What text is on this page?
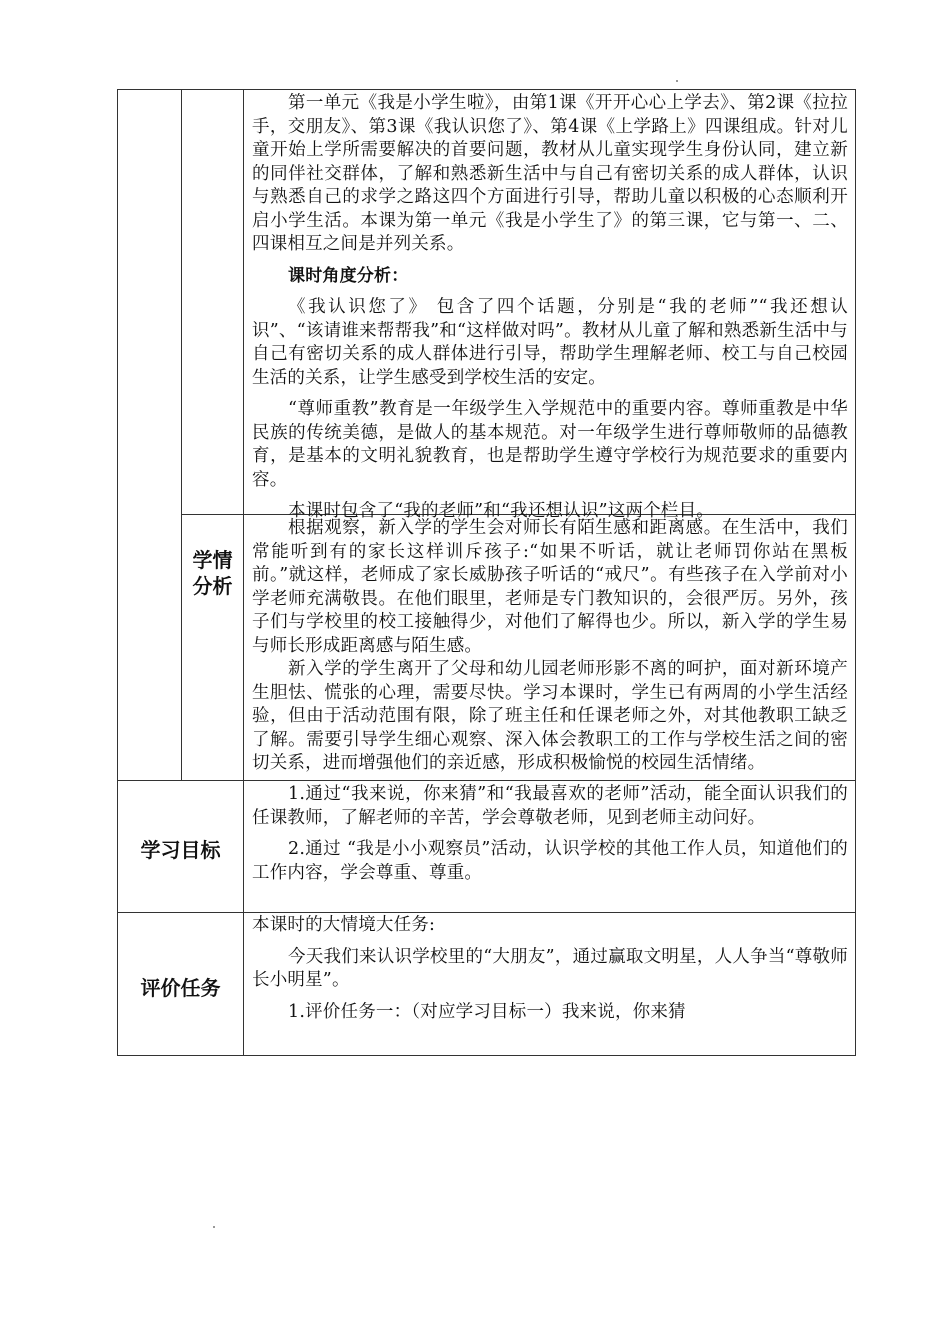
第一单元《我是小学生啦》，由第1课《开开心心上学去》、第2课《拉拉手，交朋友》、第3课《我认识您了》、第4课《上学路上》四课组成。针对儿童开始上学所需要解决的首要问题，教材从儿童实现学生身份认同，建立新的同伴社交群体，了解和熟悉新生活中与自己有密切关系的成人群体，认识与熟悉自己的求学之路这四个方面进行引导，帮助儿童以积极的心态顺利开启小学生活。本课为第一单元《我是小学生了》的第三课，它与第一、二、四课相互之间是并列关系。

课时角度分析：

《我认识您了》 包含了四个话题，分别是“我的老师”“我还想认识”、“该请谁来帮帮我”和“这样做对吗”。教材从儿童了解和熟悉新生活中与自己有密切关系的成人群体进行引导，帮助学生理解老师、校工与自己校园生活的关系，让学生感受到学校生活的安定。

“尊师重教”教育是一年级学生入学规范中的重要内容。尊师重教是中华民族的传统美德，是做人的基本规范。对一年级学生进行尊师敬师的品德教育，是基本的文明礼貌教育，也是帮助学生遵守学校行为规范要求的重要内容。

本课时包含了“我的老师”和“我还想认识”这两个栏目。

学情
分析

根据观察，新入学的学生会对师长有陌生感和距离感。在生活中，我们常能听到有的家长这样训斥孩子:“如果不听话，就让老师罚你站在黑板前。”就这样，老师成了家长威胁孩子听话的“戒尺”。有些孩子在入学前对小学老师充满敬畏。在他们眼里，老师是专门教知识的，会很严厉。另外，孩子们与学校里的校工接触得少，对他们了解得也少。所以，新入学的学生易与师长形成距离感与陌生感。

新入学的学生离开了父母和幼儿园老师形影不离的呵护，面对新环境产生胆怯、慌张的心理，需要尽快。学习本课时，学生已有两周的小学生活经验，但由于活动范围有限，除了班主任和任课老师之外，对其他教职工缺乏了解。需要引导学生细心观察、深入体会教职工的工作与学校生活之间的密切关系，进而增强他们的亲近感，形成积极愉悦的校园生活情绪。

学习目标

1.通过“我来说，你来猜”和“我最喜欢的老师”活动，能全面认识我们的任课教师，了解老师的辛苦，学会尊敬老师，见到老师主动问好。

2.通过 “我是小小观察员”活动，认识学校的其他工作人员，知道他们的工作内容，学会尊重、尊重。

评价任务

本课时的大情境大任务:

今天我们来认识学校里的“大朋友”，通过赢取文明星，人人争当“尊敬师长小明星”。

1.评价任务一：（对应学习目标一）我来说，你来猜
